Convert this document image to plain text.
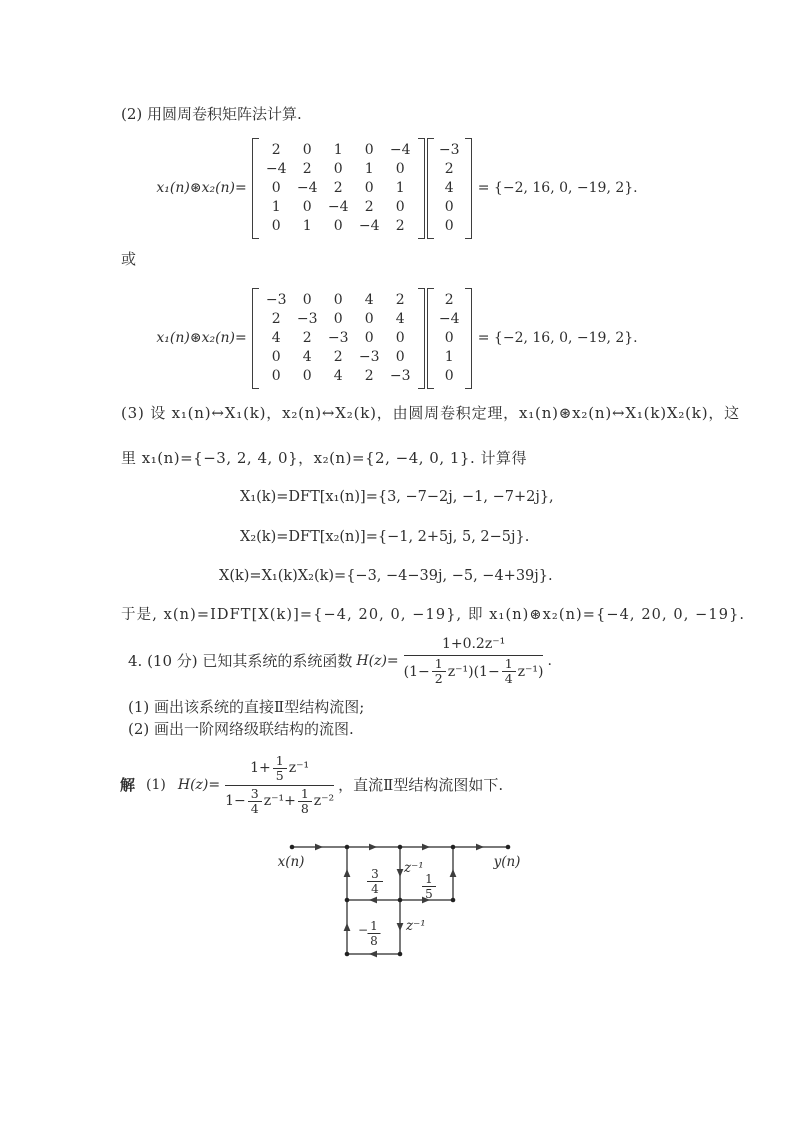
(2) 用圆周卷积矩阵法计算.
x₁(n)⊛x₂(n)=
2	0	1	0	−4
−4	2	0	1	0
0	−4	2	0	1
1	0	−4	2	0
0	1	0	−4	2
−3
2
4
0
0
= {−2, 16, 0, −19, 2}.
或
x₁(n)⊛x₂(n)=
−3	0	0	4	2
2	−3	0	0	4
4	2	−3	0	0
0	4	2	−3	0
0	0	4	2	−3
2
−4
0
1
0
= {−2, 16, 0, −19, 2}.
(3) 设 x₁(n)↔X₁(k)，x₂(n)↔X₂(k)，由圆周卷积定理，x₁(n)⊛x₂(n)↔X₁(k)X₂(k)，这
里 x₁(n)={−3, 2, 4, 0}，x₂(n)={2, −4, 0, 1}. 计算得
X₁(k)=DFT[x₁(n)]={3, −7−2j, −1, −7+2j},
X₂(k)=DFT[x₂(n)]={−1, 2+5j, 5, 2−5j}.
X(k)=X₁(k)X₂(k)={−3, −4−39j, −5, −4+39j}.
于是, x(n)=IDFT[X(k)]={−4, 20, 0, −19}, 即 x₁(n)⊛x₂(n)={−4, 20, 0, −19}.
4. (10 分) 已知其系统的系统函数 $H(z)= \frac{\text{1+0.2z⁻¹}}{(1- \frac{1}{2} z^{-1})(1- \frac{1}{4} z^{-1})}$ .
(1) 画出该系统的直接Ⅱ型结构流图;
(2) 画出一阶网络级联结构的流图.
解 (1) $H(z)= \frac{1+ \frac{1}{5} z^{-1}}{1- \frac{3}{4} z^{-1}+ \frac{1}{8} z^{-2}}$ ，直流Ⅱ型结构流图如下.
x(n)	y(n)
z⁻¹
z⁻¹
3
4
1
5
− 1
8
